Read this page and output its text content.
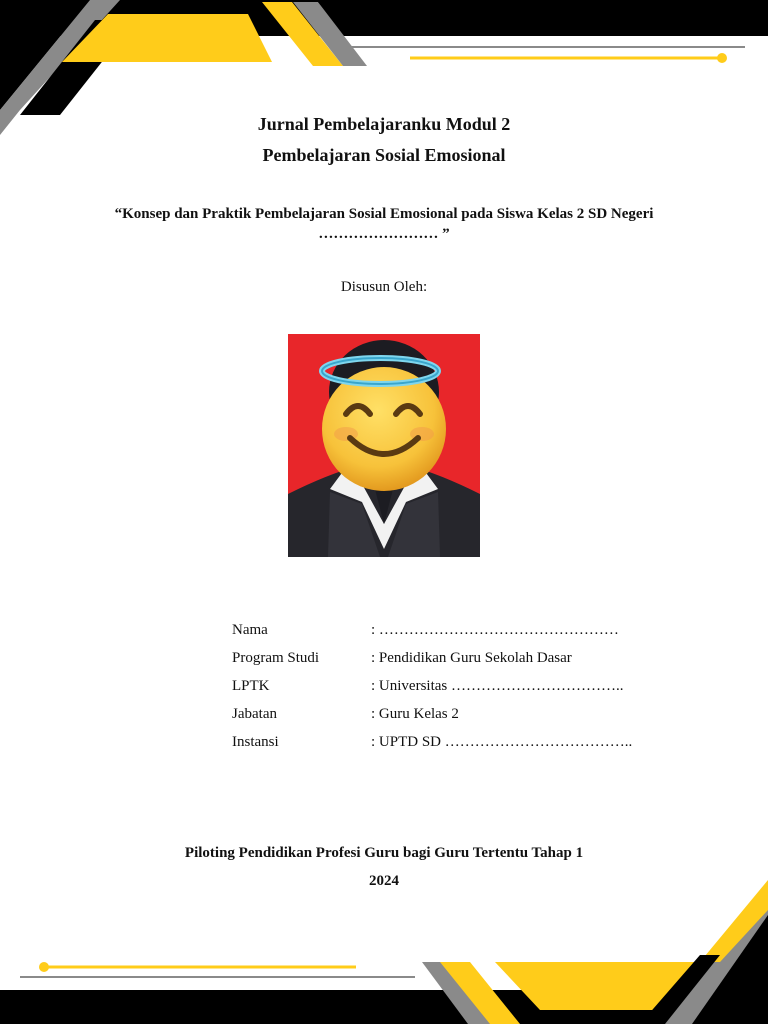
Jurnal Pembelajaranku Modul 2
Pembelajaran Sosial Emosional
“Konsep dan Praktik Pembelajaran Sosial Emosional pada Siswa Kelas 2 SD Negeri
…………………… ”
Disusun Oleh:
Nama	: …………………………………………
Program Studi	: Pendidikan Guru Sekolah Dasar
LPTK	: Universitas ……………………………..
Jabatan	: Guru Kelas 2
Instansi	: UPTD SD ………………………………..
Piloting Pendidikan Profesi Guru bagi Guru Tertentu Tahap 1
2024
